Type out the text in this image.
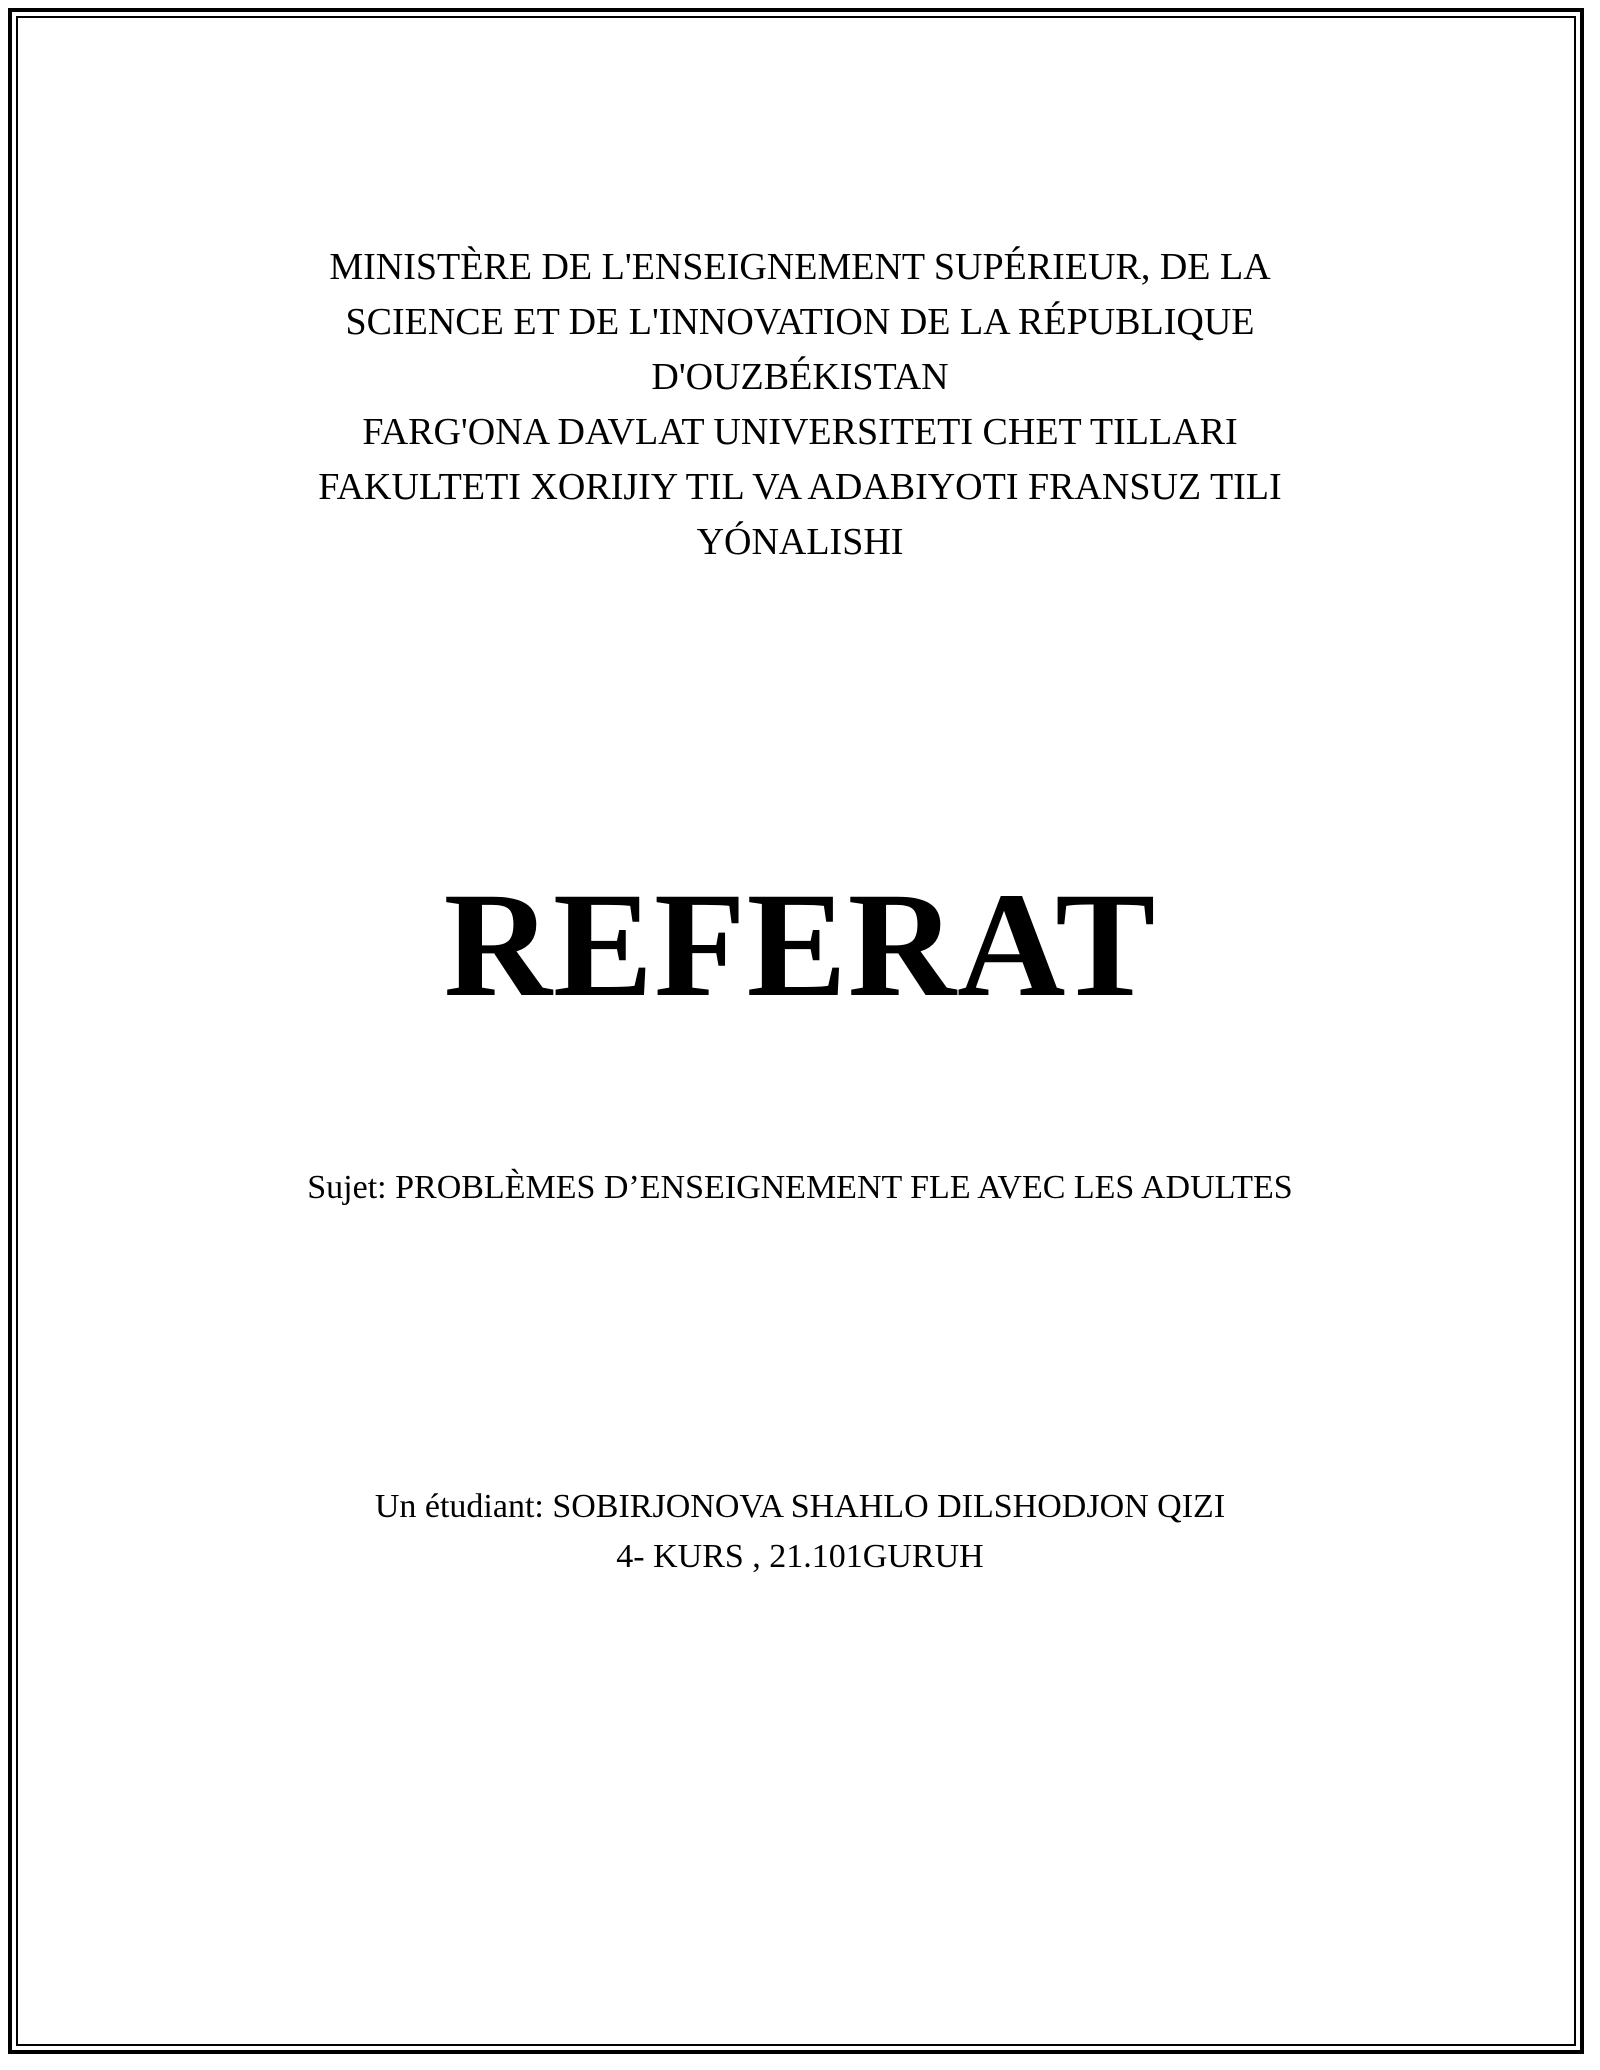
MINISTÈRE DE L'ENSEIGNEMENT SUPÉRIEUR, DE LA
SCIENCE ET DE L'INNOVATION DE LA RÉPUBLIQUE
D'OUZBÉKISTAN
FARG'ONA DAVLAT UNIVERSITETI CHET TILLARI
FAKULTETI XORIJIY TIL VA ADABIYOTI FRANSUZ TILI
YÓNALISHI
REFERAT
Sujet: PROBLÈMES D’ENSEIGNEMENT FLE AVEC LES ADULTES
Un étudiant: SOBIRJONOVA SHAHLO DILSHODJON QIZI
4- KURS , 21.101GURUH
